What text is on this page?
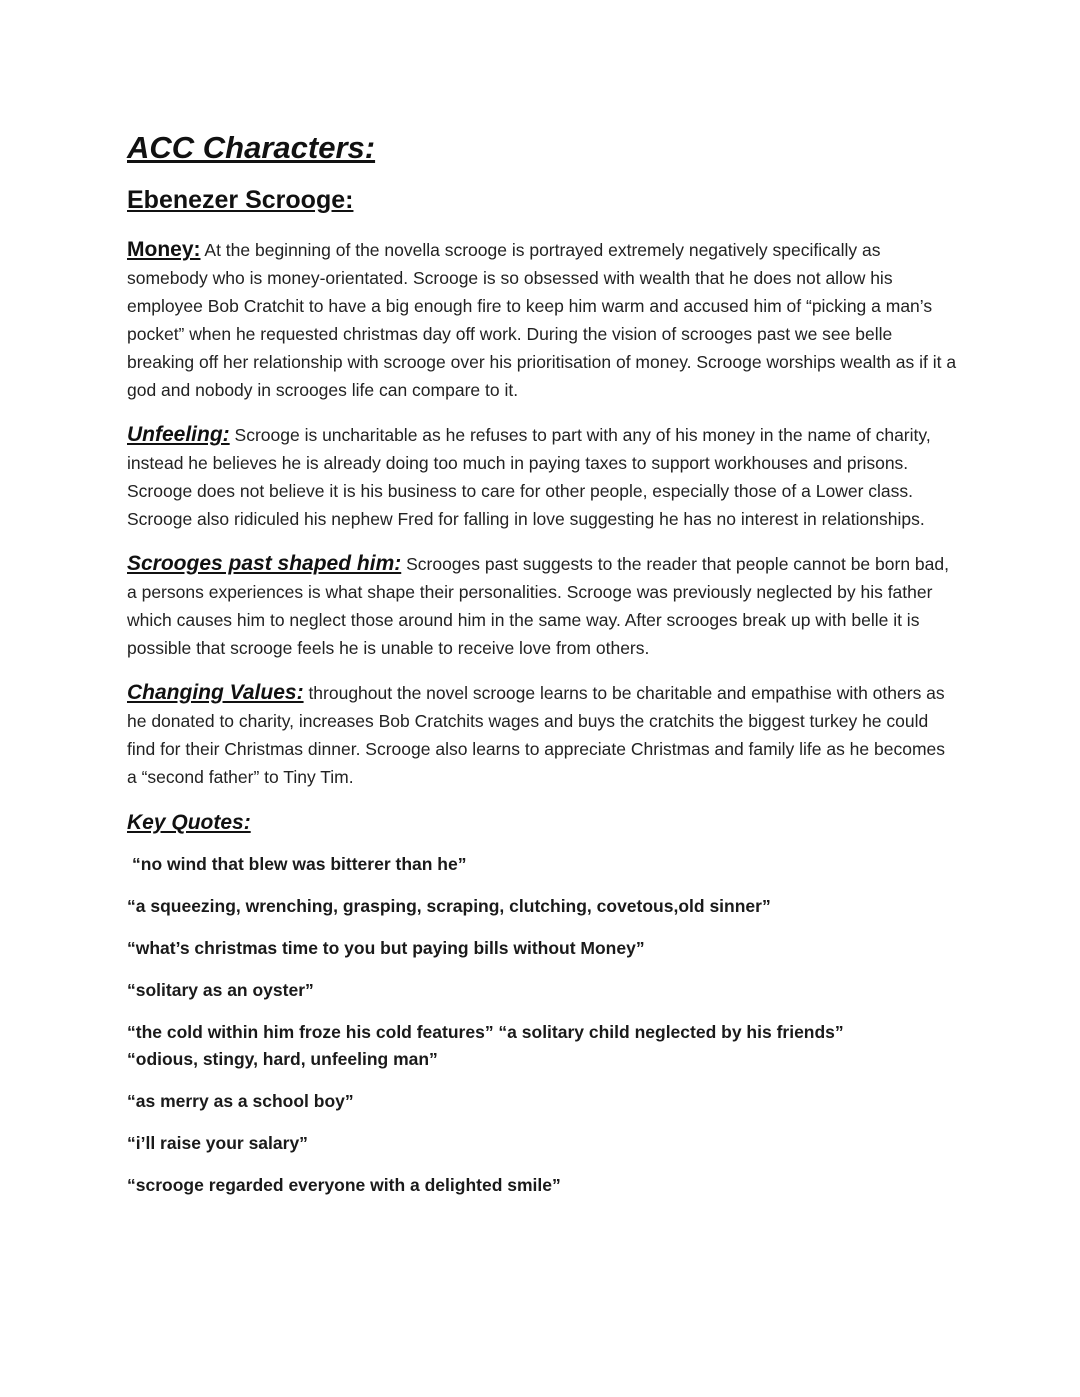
ACC Characters:
Ebenezer Scrooge:

Money: At the beginning of the novella scrooge is portrayed extremely negatively specifically as somebody who is money-orientated. Scrooge is so obsessed with wealth that he does not allow his employee Bob Cratchit to have a big enough fire to keep him warm and accused him of “picking a man’s pocket” when he requested christmas day off work. During the vision of scrooges past we see belle breaking off her relationship with scrooge over his prioritisation of money. Scrooge worships wealth as if it a god and nobody in scrooges life can compare to it.

Unfeeling: Scrooge is uncharitable as he refuses to part with any of his money in the name of charity, instead he believes he is already doing too much in paying taxes to support workhouses and prisons. Scrooge does not believe it is his business to care for other people, especially those of a Lower class. Scrooge also ridiculed his nephew Fred for falling in love suggesting he has no interest in relationships.

Scrooges past shaped him: Scrooges past suggests to the reader that people cannot be born bad, a persons experiences is what shape their personalities. Scrooge was previously neglected by his father which causes him to neglect those around him in the same way. After scrooges break up with belle it is possible that scrooge feels he is unable to receive love from others.

Changing Values: throughout the novel scrooge learns to be charitable and empathise with others as he donated to charity, increases Bob Cratchits wages and buys the cratchits the biggest turkey he could find for their Christmas dinner. Scrooge also learns to appreciate Christmas and family life as he becomes a “second father” to Tiny Tim.

Key Quotes:

“no wind that blew was bitterer than he”

“a squeezing, wrenching, grasping, scraping, clutching, covetous,old sinner”

“what’s christmas time to you but paying bills without Money”

“solitary as an oyster”

“the cold within him froze his cold features” “a solitary child neglected by his friends”

“odious, stingy, hard, unfeeling man”

“as merry as a school boy”

“i’ll raise your salary”

“scrooge regarded everyone with a delighted smile”
